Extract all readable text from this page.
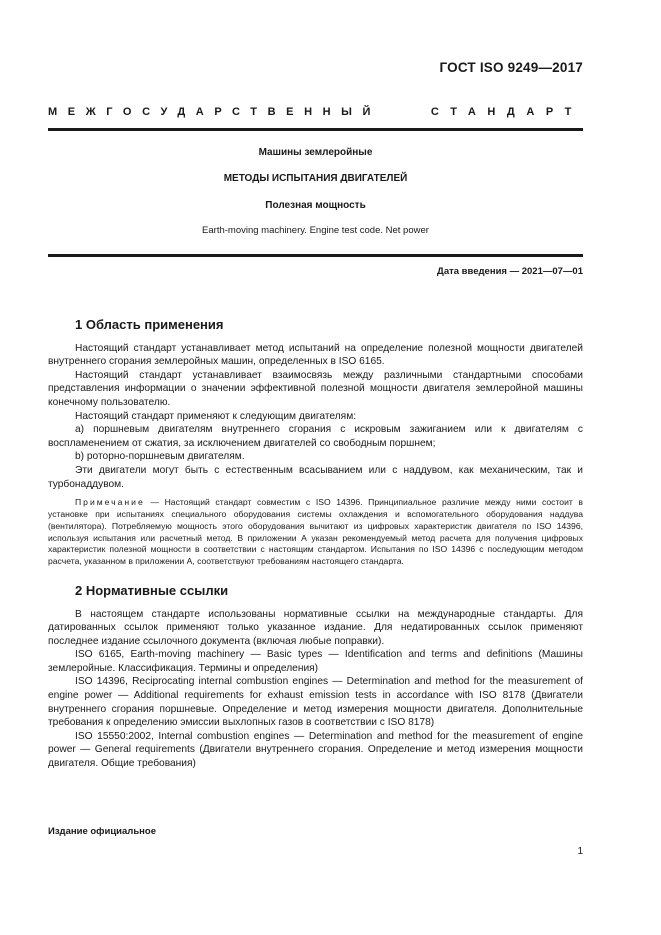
ГОСТ ISO 9249—2017
МЕЖГОСУДАРСТВЕННЫЙ	СТАНДАРТ
Машины землеройные
МЕТОДЫ ИСПЫТАНИЯ ДВИГАТЕЛЕЙ
Полезная мощность
Earth-moving machinery. Engine test code. Net power
Дата введения — 2021—07—01
1 Область применения

Настоящий стандарт устанавливает метод испытаний на определение полезной мощности двигателей внутреннего сгорания землеройных машин, определенных в ISO 6165.

Настоящий стандарт устанавливает взаимосвязь между различными стандартными способами представления информации о значении эффективной полезной мощности двигателя землеройной машины конечному пользователю.

Настоящий стандарт применяют к следующим двигателям:

а) поршневым двигателям внутреннего сгорания с искровым зажиганием или к двигателям с воспламенением от сжатия, за исключением двигателей со свободным поршнем;

b) роторно-поршневым двигателям.

Эти двигатели могут быть с естественным всасыванием или с наддувом, как механическим, так и турбонаддувом.

Примечание — Настоящий стандарт совместим с ISO 14396. Принципиальное различие между ними состоит в установке при испытаниях специального оборудования системы охлаждения и вспомогательного оборудования наддува (вентилятора). Потребляемую мощность этого оборудования вычитают из цифровых характеристик двигателя по ISO 14396, используя испытания или расчетный метод. В приложении А указан рекомендуемый метод расчета для получения цифровых характеристик полезной мощности в соответствии с настоящим стандартом. Испытания по ISO 14396 с последующим методом расчета, указанном в приложении А, соответствуют требованиям настоящего стандарта.

2 Нормативные ссылки

В настоящем стандарте использованы нормативные ссылки на международные стандарты. Для датированных ссылок применяют только указанное издание. Для недатированных ссылок применяют последнее издание ссылочного документа (включая любые поправки).

ISO 6165, Earth-moving machinery — Basic types — Identification and terms and definitions (Машины землеройные. Классификация. Термины и определения)

ISO 14396, Reciprocating internal combustion engines — Determination and method for the measurement of engine power — Additional requirements for exhaust emission tests in accordance with ISO 8178 (Двигатели внутреннего сгорания поршневые. Определение и метод измерения мощности двигателя. Дополнительные требования к определению эмиссии выхлопных газов в соответствии с ISO 8178)

ISO 15550:2002, Internal combustion engines — Determination and method for the measurement of engine power — General requirements (Двигатели внутреннего сгорания. Определение и метод измерения мощности двигателя. Общие требования)

Издание официальное
1
